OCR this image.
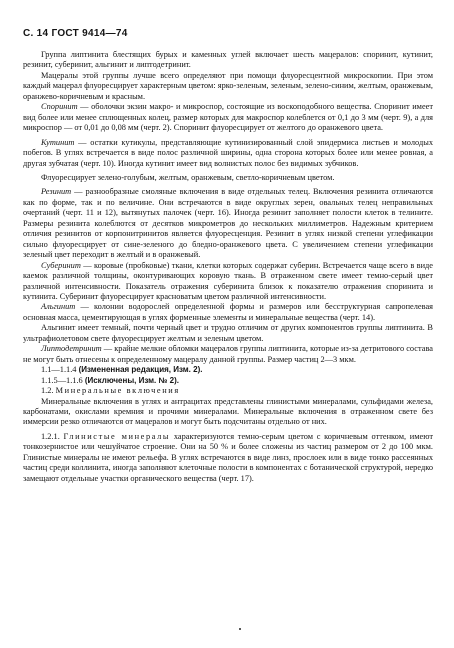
С. 14 ГОСТ 9414—74

Группа липтинита блестящих бурых и каменных углей включает шесть мацералов: споринит, кутинит, резинит, суберинит, альгинит и липтодетринит.

Мацералы этой группы лучше всего определяют при помощи флуоресцентной микроскопии. При этом каждый мацерал флуоресцирует характерным цветом: ярко-зеленым, зеленым, зелено-синим, желтым, оранжевым, оранжево-коричневым и красным.

Споринит — оболочки экзин макро- и микроспор, состоящие из воскоподобного вещества. Споринит имеет вид более или менее сплющенных колец, размер которых для макроспор колеблется от 0,1 до 3 мм (черт. 9), а для микроспор — от 0,01 до 0,08 мм (черт. 2). Споринит флуоресцирует от желтого до оранжевого цвета.

Кутинит — остатки кутикулы, представляющие кутинизированный слой эпидермиса листьев и молодых побегов. В углях встречается в виде полос различной ширины, одна сторона которых более или менее ровная, а другая зубчатая (черт. 10). Иногда кутинит имеет вид волнистых полос без видимых зубчиков.

Флуоресцирует зелено-голубым, желтым, оранжевым, светло-коричневым цветом.

Резинит — разнообразные смоляные включения в виде отдельных телец. Включения резинита отличаются как по форме, так и по величине. Они встречаются в виде округлых зерен, овальных телец неправильных очертаний (черт. 11 и 12), вытянутых палочек (черт. 16). Иногда резинит заполняет полости клеток в телините. Размеры резинита колеблются от десятков микрометров до нескольких миллиметров. Надежным критерием отличия резинитов от корпонитринитов является флуоресценция. Резинит в углях низкой степени углефикации сильно флуоресцирует от сине-зеленого до бледно-оранжевого цвета. С увеличением степени углефикации зеленый цвет переходит в желтый и в оранжевый.

Суберинит — коровые (пробковые) ткани, клетки которых содержат суберин. Встречается чаще всего в виде каемок различной толщины, оконтуривающих коровую ткань. В отраженном свете имеет темно-серый цвет различной интенсивности. Показатель отражения суберинита близок к показателю отражения споринита и кутинита. Суберинит флуоресцирует красноватым цветом различной интенсивности.

Альгинит — колонии водорослей определенной формы и размеров или бесструктурная сапропелевая основная масса, цементирующая в углях форменные элементы и минеральные вещества (черт. 14).

Альгинит имеет темный, почти черный цвет и трудно отличим от других компонентов группы липтинита. В ультрафиолетовом свете флуоресцирует желтым и зеленым цветом.

Липтодетринит — крайне мелкие обломки мацералов группы липтинита, которые из-за детритового состава не могут быть отнесены к определенному мацералу данной группы. Размер частиц 2—3 мкм.

1.1—1.1.4 (Измененная редакция, Изм. 2).

1.1.5—1.1.6 (Исключены, Изм. № 2).

1.2. Минеральные включения

Минеральные включения в углях и антрацитах представлены глинистыми минералами, сульфидами железа, карбонатами, окислами кремния и прочими минералами. Минеральные включения в отраженном свете без иммерсии резко отличаются от мацералов и могут быть подсчитаны отдельно от них.

1.2.1. Глинистые минералы характеризуются темно-серым цветом с коричневым оттенком, имеют тонкозернистое или чешуйчатое строение. Они на 50 % и более сложены из частиц размером от 2 до 100 мкм. Глинистые минералы не имеют рельефа. В углях встречаются в виде линз, прослоек или в виде тонко рассеянных частиц среди коллинита, иногда заполняют клеточные полости в компонентах с ботанической структурой, нередко замещают отдельные участки органического вещества (черт. 17).
